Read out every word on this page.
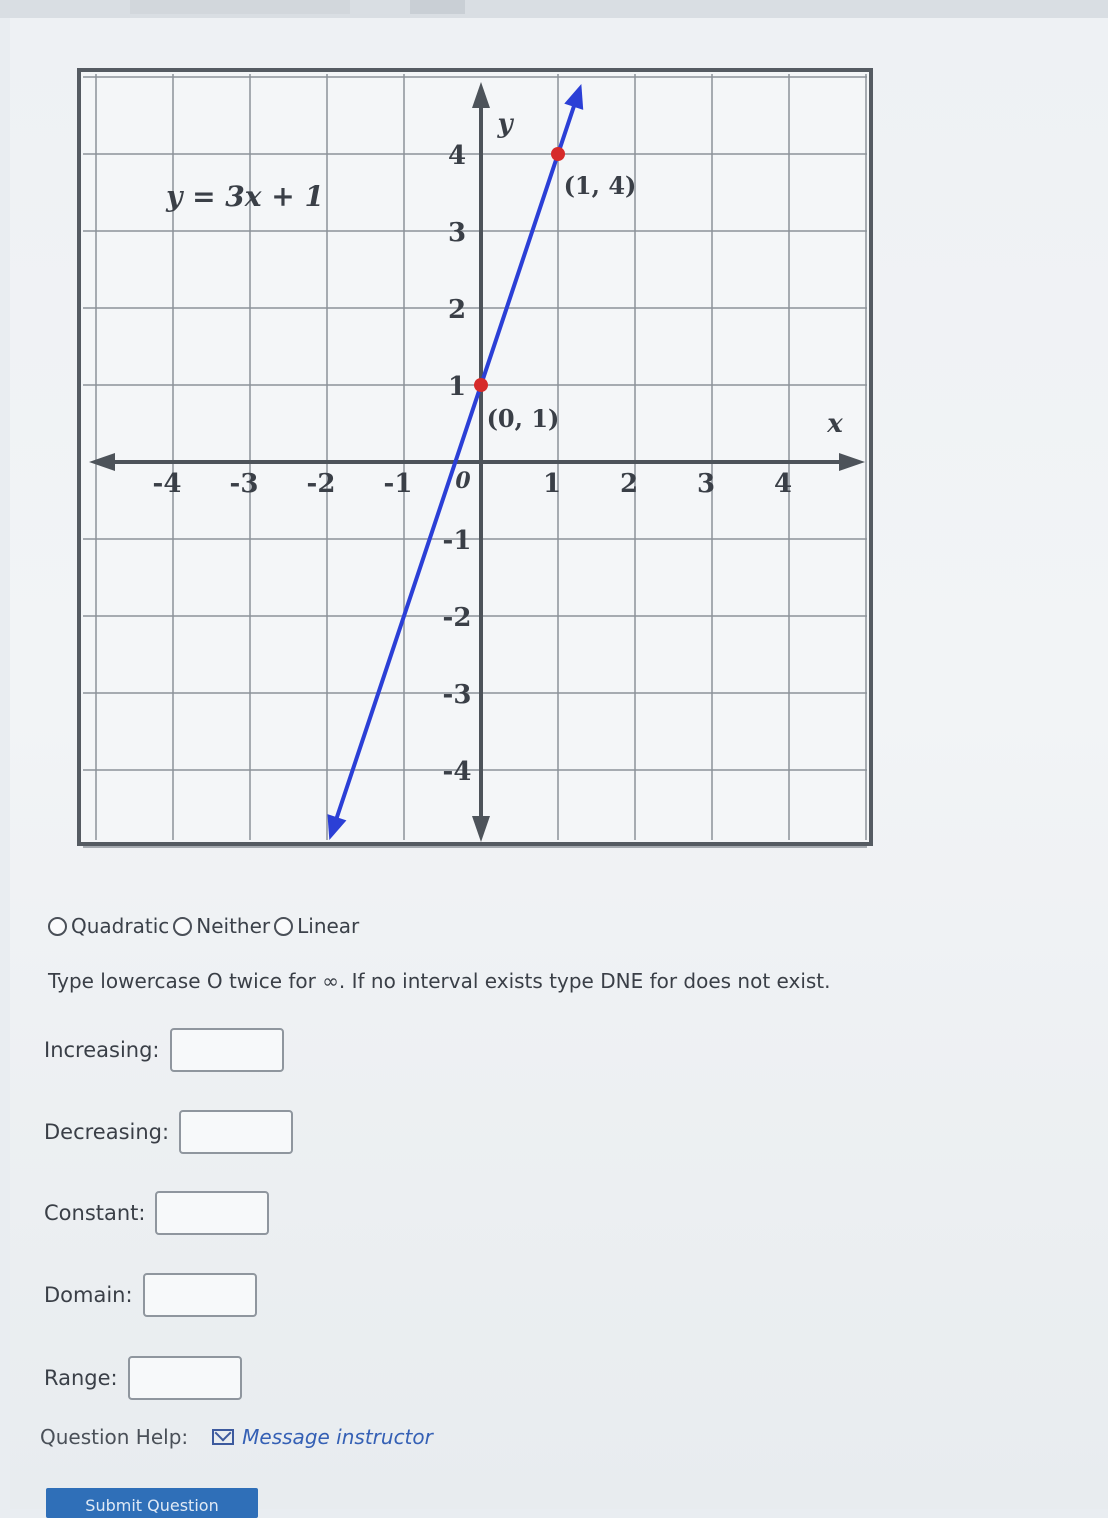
-4 -3 -2 -1	1 2 3 4
4
3
2
1
-1
-2
-3
-4
0
x
y
(1, 4)
(0, 1)
y = 3x + 1
Quadratic Neither Linear
Type lowercase O twice for ∞. If no interval exists type DNE for does not exist.
Increasing:
Decreasing:
Constant:
Domain:
Range:
Question Help:	Message instructor
Submit Question
